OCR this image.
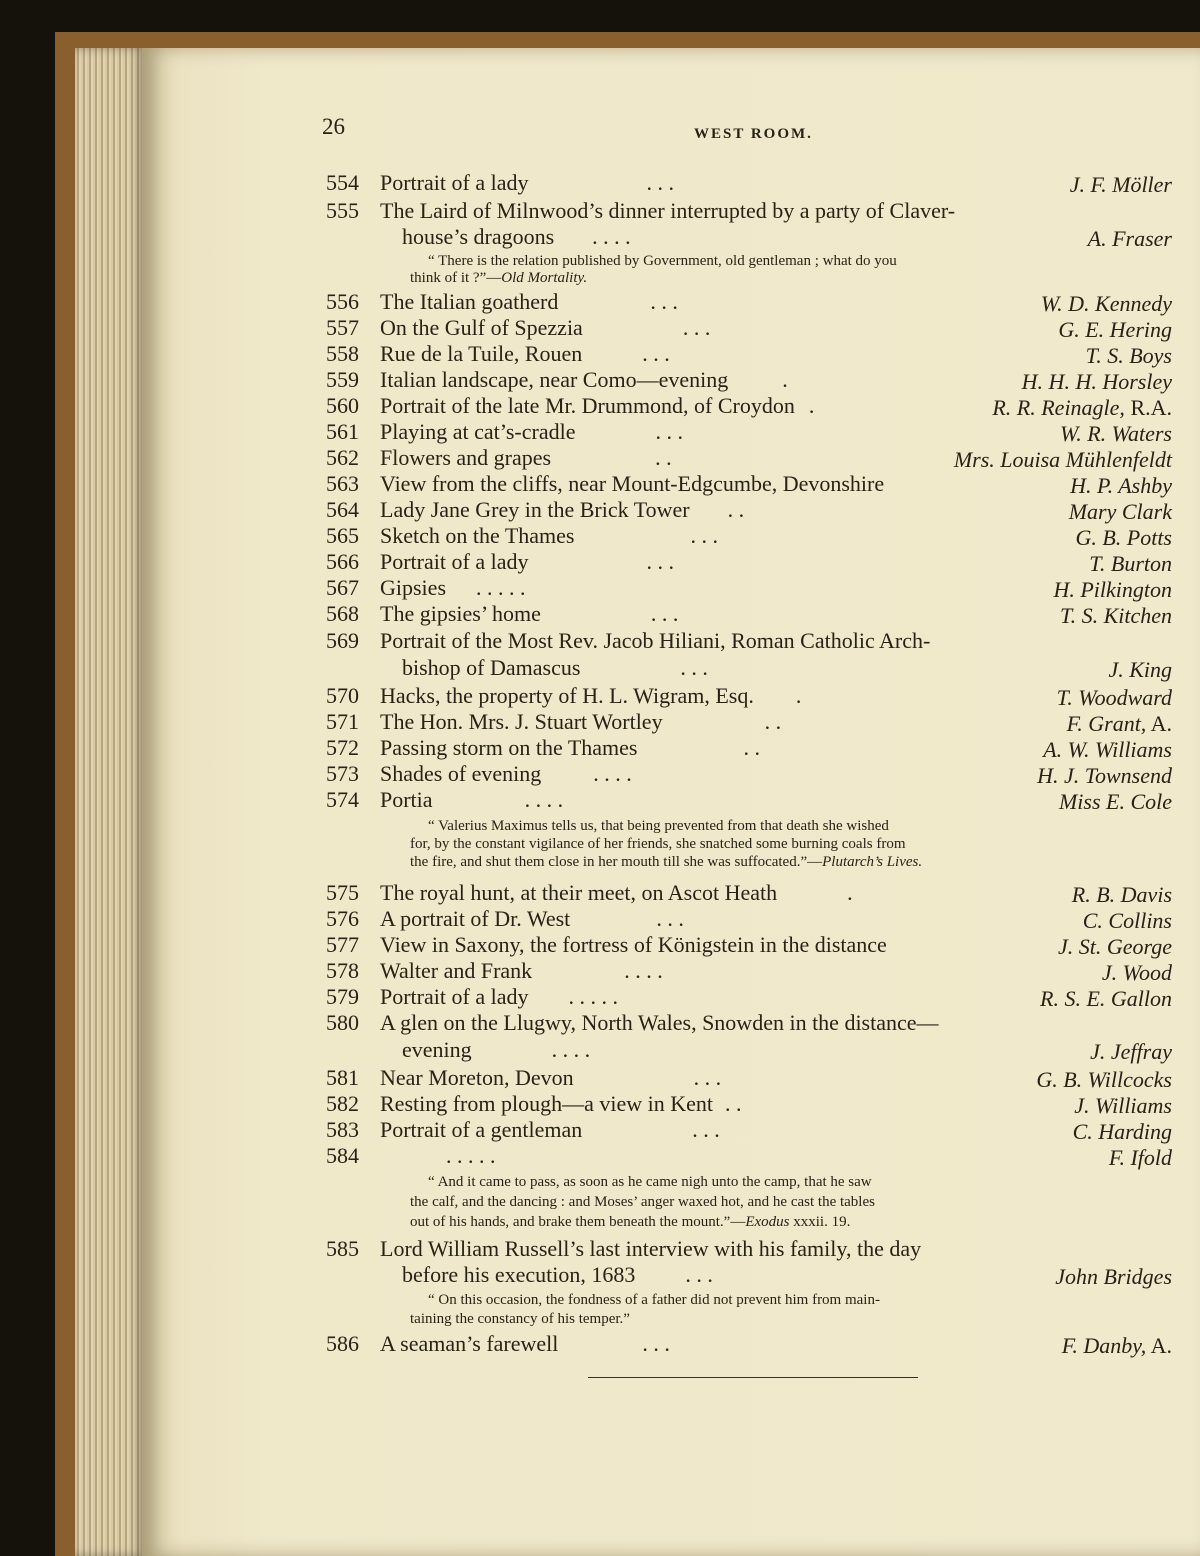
26	WEST ROOM.
554 Portrait of a lady	. . .	J. F. Möller
555 The Laird of Milnwood’s dinner interrupted by a party of Claver-
house’s dragoons . . . .	A. Fraser
“ There is the relation published by Government, old gentleman ; what do you
think of it ?”—Old Mortality.
556 The Italian goatherd	. . .	W. D. Kennedy
557 On the Gulf of Spezzia	. . .	G. E. Hering
558 Rue de la Tuile, Rouen	. . .	T. S. Boys
559 Italian landscape, near Como—evening .	H. H. H. Horsley
560 Portrait of the late Mr. Drummond, of Croydon .	R. R. Reinagle, R.A.
561 Playing at cat’s-cradle	. . .	W. R. Waters
562 Flowers and grapes	. .	Mrs. Louisa Mühlenfeldt
563 View from the cliffs, near Mount-Edgcumbe, Devonshire	H. P. Ashby
564 Lady Jane Grey in the Brick Tower . .	Mary Clark
565 Sketch on the Thames	. . .	G. B. Potts
566 Portrait of a lady	. . .	T. Burton
567 Gipsies . . . . .	H. Pilkington
568 The gipsies’ home	. . .	T. S. Kitchen
569 Portrait of the Most Rev. Jacob Hiliani, Roman Catholic Arch-
bishop of Damascus	. . .	J. King
570 Hacks, the property of H. L. Wigram, Esq. .	T. Woodward
571 The Hon. Mrs. J. Stuart Wortley	. .	F. Grant, A.
572 Passing storm on the Thames	. .	A. W. Williams
573 Shades of evening . . . .	H. J. Townsend
574 Portia	. . . .	Miss E. Cole
“ Valerius Maximus tells us, that being prevented from that death she wished
for, by the constant vigilance of her friends, she snatched some burning coals from
the fire, and shut them close in her mouth till she was suffocated.”—Plutarch’s Lives.
575 The royal hunt, at their meet, on Ascot Heath	.	R. B. Davis
576 A portrait of Dr. West	. . .	C. Collins
577 View in Saxony, the fortress of Königstein in the distance	J. St. George
578 Walter and Frank	. . . .	J. Wood
579 Portrait of a lady . . . . .	R. S. E. Gallon
580 A glen on the Llugwy, North Wales, Snowden in the distance—
evening	. . . .	J. Jeffray
581 Near Moreton, Devon	. . .	G. B. Willcocks
582 Resting from plough—a view in Kent . .	J. Williams
583 Portrait of a gentleman	. . .	C. Harding
584	. . . . .	F. Ifold
“ And it came to pass, as soon as he came nigh unto the camp, that he saw
the calf, and the dancing : and Moses’ anger waxed hot, and he cast the tables
out of his hands, and brake them beneath the mount.”—Exodus xxxii. 19.
585 Lord William Russell’s last interview with his family, the day
before his execution, 1683 . . .	John Bridges
“ On this occasion, the fondness of a father did not prevent him from main-
taining the constancy of his temper.”
586 A seaman’s farewell	. . .	F. Danby, A.
